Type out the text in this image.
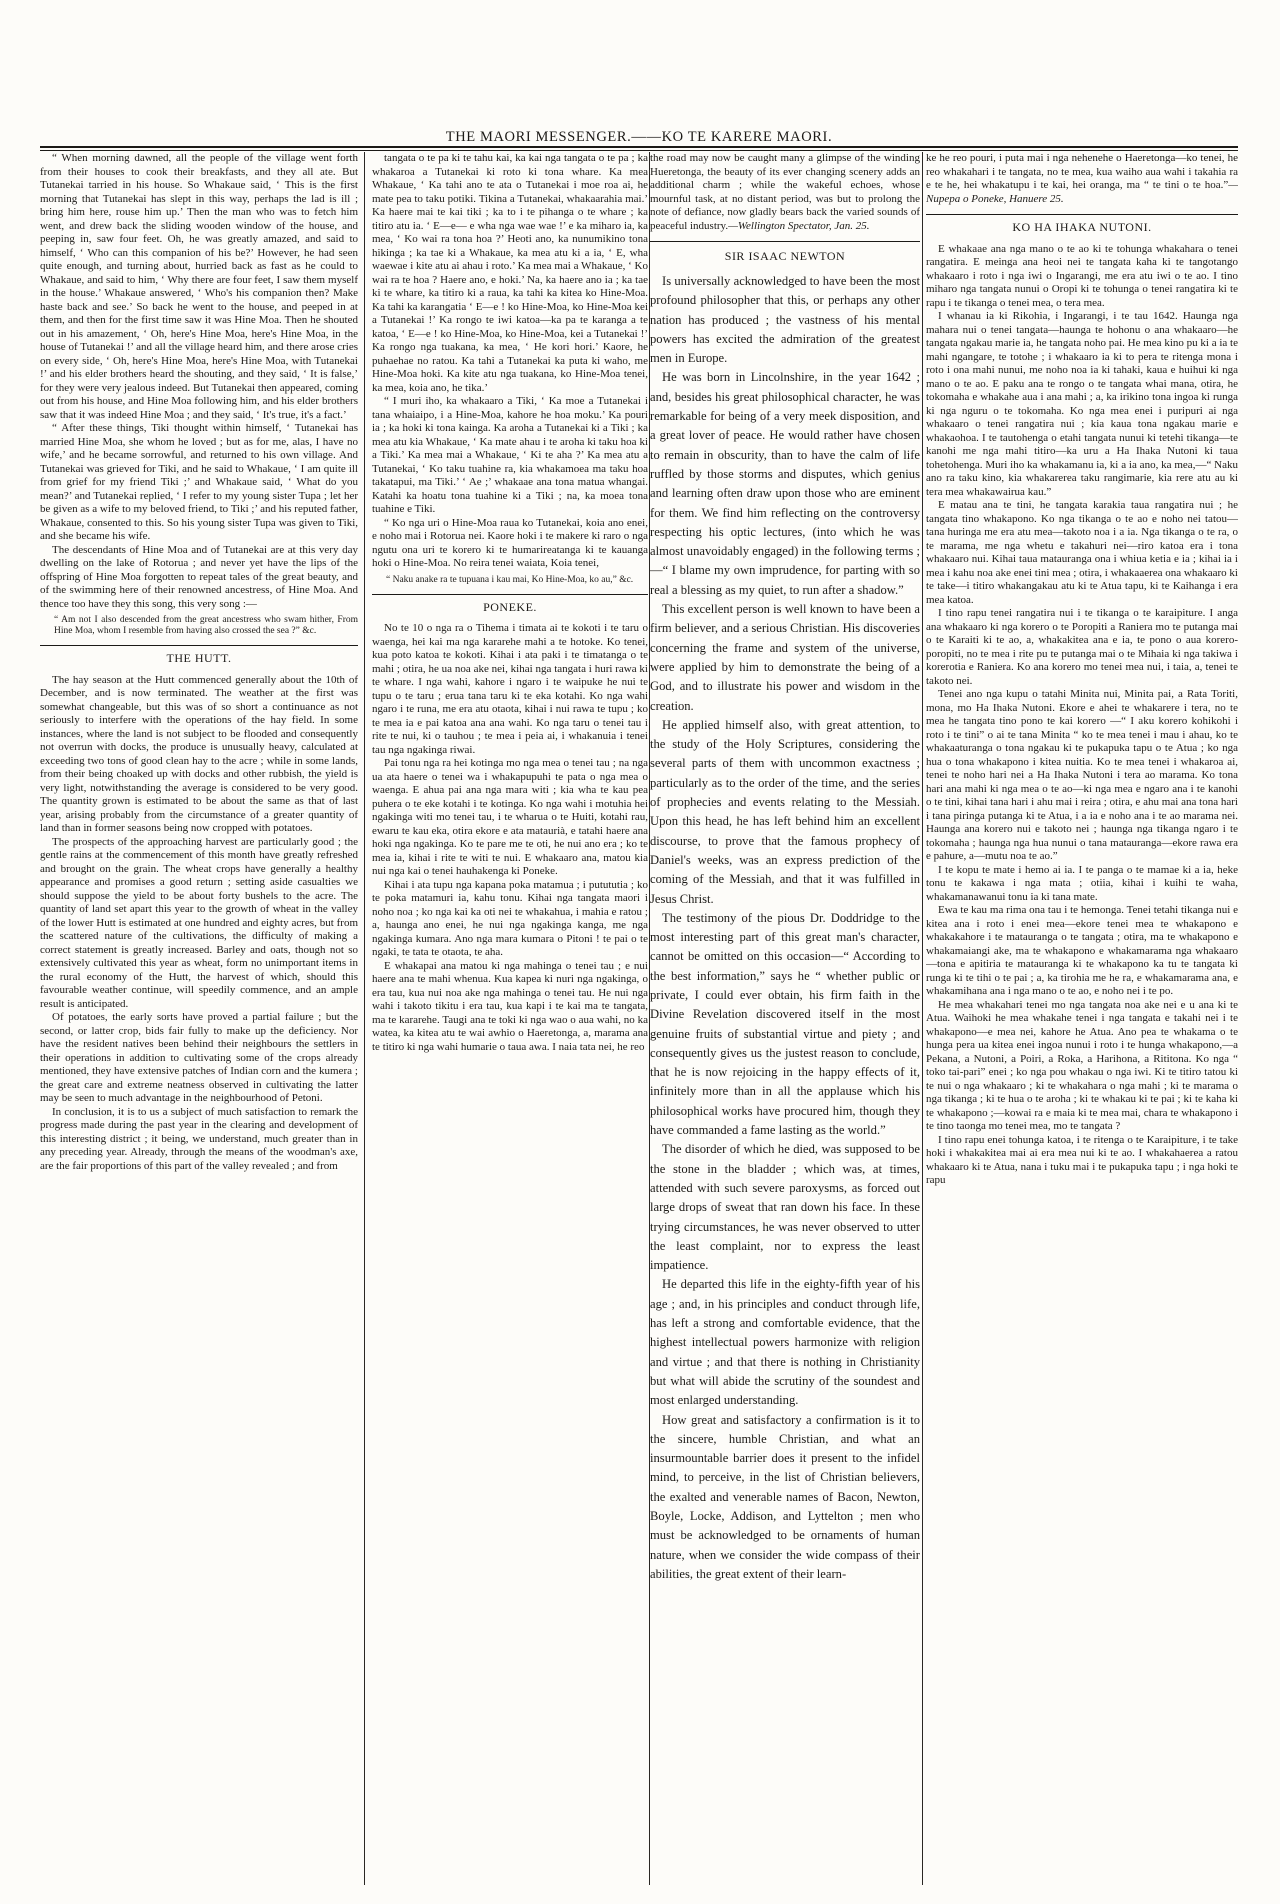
THE MAORI MESSENGER.——KO TE KARERE MAORI.

“ When morning dawned, all the people of the village went forth from their houses to cook their breakfasts, and they all ate. But Tutanekai tarried in his house. So Whakaue said, ‘ This is the first morning that Tutanekai has slept in this way, perhaps the lad is ill ; bring him here, rouse him up.’ Then the man who was to fetch him went, and drew back the sliding wooden window of the house, and peeping in, saw four feet. Oh, he was greatly amazed, and said to himself, ‘ Who can this companion of his be?’ However, he had seen quite enough, and turning about, hurried back as fast as he could to Whakaue, and said to him, ‘ Why there are four feet, I saw them myself in the house.’ Whakaue answered, ‘ Who's his companion then? Make haste back and see.’ So back he went to the house, and peeped in at them, and then for the first time saw it was Hine Moa. Then he shouted out in his amazement, ‘ Oh, here's Hine Moa, here's Hine Moa, in the house of Tutanekai !’ and all the village heard him, and there arose cries on every side, ‘ Oh, here's Hine Moa, here's Hine Moa, with Tutanekai !’ and his elder brothers heard the shouting, and they said, ‘ It is false,’ for they were very jealous indeed. But Tutanekai then appeared, coming out from his house, and Hine Moa following him, and his elder brothers saw that it was indeed Hine Moa ; and they said, ‘ It's true, it's a fact.’

“ After these things, Tiki thought within himself, ‘ Tutanekai has married Hine Moa, she whom he loved ; but as for me, alas, I have no wife,’ and he became sorrowful, and returned to his own village. And Tutanekai was grieved for Tiki, and he said to Whakaue, ‘ I am quite ill from grief for my friend Tiki ;’ and Whakaue said, ‘ What do you mean?’ and Tutanekai replied, ‘ I refer to my young sister Tupa ; let her be given as a wife to my beloved friend, to Tiki ;’ and his reputed father, Whakaue, consented to this. So his young sister Tupa was given to Tiki, and she became his wife.

The descendants of Hine Moa and of Tutanekai are at this very day dwelling on the lake of Rotorua ; and never yet have the lips of the offspring of Hine Moa forgotten to repeat tales of the great beauty, and of the swimming here of their renowned ancestress, of Hine Moa. And thence too have they this song, this very song :—

“ Am not I also descended from the great ancestress who swam hither, From Hine Moa, whom I resemble from having also crossed the sea ?” &c.

THE HUTT.

The hay season at the Hutt commenced generally about the 10th of December, and is now terminated. The weather at the first was somewhat changeable, but this was of so short a continuance as not seriously to interfere with the operations of the hay field. In some instances, where the land is not subject to be flooded and consequently not overrun with docks, the produce is unusually heavy, calculated at exceeding two tons of good clean hay to the acre ; while in some lands, from their being choaked up with docks and other rubbish, the yield is very light, notwithstanding the average is considered to be very good. The quantity grown is estimated to be about the same as that of last year, arising probably from the circumstance of a greater quantity of land than in former seasons being now cropped with potatoes.

The prospects of the approaching harvest are particularly good ; the gentle rains at the commencement of this month have greatly refreshed and brought on the grain. The wheat crops have generally a healthy appearance and promises a good return ; setting aside casualties we should suppose the yield to be about forty bushels to the acre. The quantity of land set apart this year to the growth of wheat in the valley of the lower Hutt is estimated at one hundred and eighty acres, but from the scattered nature of the cultivations, the difficulty of making a correct statement is greatly increased. Barley and oats, though not so extensively cultivated this year as wheat, form no unimportant items in the rural economy of the Hutt, the harvest of which, should this favourable weather continue, will speedily commence, and an ample result is anticipated.

Of potatoes, the early sorts have proved a partial failure ; but the second, or latter crop, bids fair fully to make up the deficiency. Nor have the resident natives been behind their neighbours the settlers in their operations in addition to cultivating some of the crops already mentioned, they have extensive patches of Indian corn and the kumera ; the great care and extreme neatness observed in cultivating the latter may be seen to much advantage in the neighbourhood of Petoni.

In conclusion, it is to us a subject of much satisfaction to remark the progress made during the past year in the clearing and development of this interesting district ; it being, we understand, much greater than in any preceding year. Already, through the means of the woodman's axe, are the fair proportions of this part of the valley revealed ; and from

tangata o te pa ki te tahu kai, ka kai nga tangata o te pa ; ka whakaroa a Tutanekai ki roto ki tona whare. Ka mea Whakaue, ‘ Ka tahi ano te ata o Tutanekai i moe roa ai, he mate pea to taku potiki. Tikina a Tutanekai, whakaarahia mai.’ Ka haere mai te kai tiki ; ka to i te pihanga o te whare ; ka titiro atu ia. ‘ E—e— e wha nga wae wae !’ e ka miharo ia, ka mea, ‘ Ko wai ra tona hoa ?’ Heoti ano, ka nunumikino tona hikinga ; ka tae ki a Whakaue, ka mea atu ki a ia, ‘ E, wha waewae i kite atu ai ahau i roto.’ Ka mea mai a Whakaue, ‘ Ko wai ra te hoa ? Haere ano, e hoki.’ Na, ka haere ano ia ; ka tae ki te whare, ka titiro ki a raua, ka tahi ka kitea ko Hine-Moa. Ka tahi ka karangatia ‘ E—e ! ko Hine-Moa, ko Hine-Moa kei a Tutanekai !’ Ka rongo te iwi katoa—ka pa te karanga a te katoa, ‘ E—e ! ko Hine-Moa, ko Hine-Moa, kei a Tutanekai !’ Ka rongo nga tuakana, ka mea, ‘ He kori hori.’ Kaore, he puhaehae no ratou. Ka tahi a Tutanekai ka puta ki waho, me Hine-Moa hoki. Ka kite atu nga tuakana, ko Hine-Moa tenei, ka mea, koia ano, he tika.’

“ I muri iho, ka whakaaro a Tiki, ‘ Ka moe a Tutanekai i tana whaiaipo, i a Hine-Moa, kahore he hoa moku.’ Ka pouri ia ; ka hoki ki tona kainga. Ka aroha a Tutanekai ki a Tiki ; ka mea atu kia Whakaue, ‘ Ka mate ahau i te aroha ki taku hoa ki a Tiki.’ Ka mea mai a Whakaue, ‘ Ki te aha ?’ Ka mea atu a Tutanekai, ‘ Ko taku tuahine ra, kia whakamoea ma taku hoa takatapui, ma Tiki.’ ‘ Ae ;’ whakaae ana tona matua whangai. Katahi ka hoatu tona tuahine ki a Tiki ; na, ka moea tona tuahine e Tiki.

“ Ko nga uri o Hine-Moa raua ko Tutanekai, koia ano enei, e noho mai i Rotorua nei. Kaore hoki i te makere ki raro o nga ngutu ona uri te korero ki te humarireatanga ki te kauanga hoki o Hine-Moa. No reira tenei waiata, Koia tenei,

“ Naku anake ra te tupuana i kau mai, Ko Hine-Moa, ko au,” &c.

PONEKE.

No te 10 o nga ra o Tihema i timata ai te kokoti i te taru o waenga, hei kai ma nga kararehe mahi a te hotoke. Ko tenei, kua poto katoa te kokoti. Kihai i ata paki i te timatanga o te mahi ; otira, he ua noa ake nei, kihai nga tangata i huri rawa ki te whare. I nga wahi, kahore i ngaro i te waipuke he nui te tupu o te taru ; erua tana taru ki te eka kotahi. Ko nga wahi ngaro i te runa, me era atu otaota, kihai i nui rawa te tupu ; ko te mea ia e pai katoa ana ana wahi. Ko nga taru o tenei tau i rite te nui, ki o tauhou ; te mea i peia ai, i whakanuia i tenei tau nga ngakinga riwai.

Pai tonu nga ra hei kotinga mo nga mea o tenei tau ; na nga ua ata haere o tenei wa i whakapupuhi te pata o nga mea o waenga. E ahua pai ana nga mara witi ; kia wha te kau pea puhera o te eke kotahi i te kotinga. Ko nga wahi i motuhia hei ngakinga witi mo tenei tau, i te wharua o te Huiti, kotahi rau, ewaru te kau eka, otira ekore e ata mataurià, e tatahi haere ana hoki nga ngakinga. Ko te pare me te oti, he nui ano era ; ko te mea ia, kihai i rite te witi te nui. E whakaaro ana, matou kia nui nga kai o tenei hauhakenga ki Poneke.

Kihai i ata tupu nga kapana poka matamua ; i putututia ; ko te poka matamuri ia, kahu tonu. Kihai nga tangata maori i noho noa ; ko nga kai ka oti nei te whakahua, i mahia e ratou ; a, haunga ano enei, he nui nga ngakinga kanga, me nga ngakinga kumara. Ano nga mara kumara o Pitoni ! te pai o te ngaki, te tata te otaota, te aha.

E whakapai ana matou ki nga mahinga o tenei tau ; e nui haere ana te mahi whenua. Kua kapea ki nuri nga ngakinga, o era tau, kua nui noa ake nga mahinga o tenei tau. He nui nga wahi i takoto tikitu i era tau, kua kapi i te kai ma te tangata, ma te kararehe. Taugi ana te toki ki nga wao o aua wahi, no ka watea, ka kitea atu te wai awhio o Haeretonga, a, marama ana te titiro ki nga wahi humarie o taua awa. I naia tata nei, he reo

the road may now be caught many a glimpse of the winding Hueretonga, the beauty of its ever changing scenery adds an additional charm ; while the wakeful echoes, whose mournful task, at no distant period, was but to prolong the note of defiance, now gladly bears back the varied sounds of peaceful industry.—Wellington Spectator, Jan. 25.

SIR ISAAC NEWTON

Is universally acknowledged to have been the most profound philosopher that this, or perhaps any other nation has produced ; the vastness of his mental powers has excited the admiration of the greatest men in Europe.

He was born in Lincolnshire, in the year 1642 ; and, besides his great philosophical character, he was remarkable for being of a very meek disposition, and a great lover of peace. He would rather have chosen to remain in obscurity, than to have the calm of life ruffled by those storms and disputes, which genius and learning often draw upon those who are eminent for them. We find him reflecting on the controversy respecting his optic lectures, (into which he was almost unavoidably engaged) in the following terms ;—“ I blame my own imprudence, for parting with so real a blessing as my quiet, to run after a shadow.”

This excellent person is well known to have been a firm believer, and a serious Christian. His discoveries concerning the frame and system of the universe, were applied by him to demonstrate the being of a God, and to illustrate his power and wisdom in the creation.

He applied himself also, with great attention, to the study of the Holy Scriptures, considering the several parts of them with uncommon exactness ; particularly as to the order of the time, and the series of prophecies and events relating to the Messiah. Upon this head, he has left behind him an excellent discourse, to prove that the famous prophecy of Daniel's weeks, was an express prediction of the coming of the Messiah, and that it was fulfilled in Jesus Christ.

The testimony of the pious Dr. Doddridge to the most interesting part of this great man's character, cannot be omitted on this occasion—“ According to the best information,” says he “ whether public or private, I could ever obtain, his firm faith in the Divine Revelation discovered itself in the most genuine fruits of substantial virtue and piety ; and consequently gives us the justest reason to conclude, that he is now rejoicing in the happy effects of it, infinitely more than in all the applause which his philosophical works have procured him, though they have commanded a fame lasting as the world.”

The disorder of which he died, was supposed to be the stone in the bladder ; which was, at times, attended with such severe paroxysms, as forced out large drops of sweat that ran down his face. In these trying circumstances, he was never observed to utter the least complaint, nor to express the least impatience.

He departed this life in the eighty-fifth year of his age ; and, in his principles and conduct through life, has left a strong and comfortable evidence, that the highest intellectual powers harmonize with religion and virtue ; and that there is nothing in Christianity but what will abide the scrutiny of the soundest and most enlarged understanding.

How great and satisfactory a confirmation is it to the sincere, humble Christian, and what an insurmountable barrier does it present to the infidel mind, to perceive, in the list of Christian believers, the exalted and venerable names of Bacon, Newton, Boyle, Locke, Addison, and Lyttelton ; men who must be acknowledged to be ornaments of human nature, when we consider the wide compass of their abilities, the great extent of their learn-

ke he reo pouri, i puta mai i nga nehenehe o Haeretonga—ko tenei, he reo whakahari i te tangata, no te mea, kua waiho aua wahi i takahia ra e te he, hei whakatupu i te kai, hei oranga, ma “ te tini o te hoa.”—Nupepa o Poneke, Hanuere 25.

KO HA IHAKA NUTONI.

E whakaae ana nga mano o te ao ki te tohunga whakahara o tenei rangatira. E meinga ana heoi nei te tangata kaha ki te tangotango whakaaro i roto i nga iwi o Ingarangi, me era atu iwi o te ao. I tino miharo nga tangata nunui o Oropi ki te tohunga o tenei rangatira ki te rapu i te tikanga o tenei mea, o tera mea.

I whanau ia ki Rikohia, i Ingarangi, i te tau 1642. Haunga nga mahara nui o tenei tangata—haunga te hohonu o ana whakaaro—he tangata ngakau marie ia, he tangata noho pai. He mea kino pu ki a ia te mahi ngangare, te totohe ; i whakaaro ia ki to pera te ritenga mona i roto i ona mahi nunui, me noho noa ia ki tahaki, kaua e huihui ki nga mano o te ao. E paku ana te rongo o te tangata whai mana, otira, he tokomaha e whakahe aua i ana mahi ; a, ka irikino tona ingoa ki runga ki nga nguru o te tokomaha. Ko nga mea enei i puripuri ai nga whakaaro o tenei rangatira nui ; kia kaua tona ngakau marie e whakaohoa. I te tautohenga o etahi tangata nunui ki tetehi tikanga—te kanohi me nga mahi titiro—ka uru a Ha Ihaka Nutoni ki taua tohetohenga. Muri iho ka whakamanu ia, ki a ia ano, ka mea,—“ Naku ano ra taku kino, kia whakarerea taku rangimarie, kia rere atu au ki tera mea whakawairua kau.”

E matau ana te tini, he tangata karakia taua rangatira nui ; he tangata tino whakapono. Ko nga tikanga o te ao e noho nei tatou—tana huringa me era atu mea—takoto noa i a ia. Nga tikanga o te ra, o te marama, me nga whetu e takahuri nei—riro katoa era i tona whakaaro nui. Kihai taua matauranga ona i whiua ketia e ia ; kihai ia i mea i kahu noa ake enei tini mea ; otira, i whakaaerea ona whakaaro ki te take—i titiro whakangakau atu ki te Atua tapu, ki te Kaihanga i era mea katoa.

I tino rapu tenei rangatira nui i te tikanga o te karaipiture. I anga ana whakaaro ki nga korero o te Poropiti a Raniera mo te putanga mai o te Karaiti ki te ao, a, whakakitea ana e ia, te pono o aua korero-poropiti, no te mea i rite pu te putanga mai o te Mihaia ki nga takiwa i korerotia e Raniera. Ko ana korero mo tenei mea nui, i taia, a, tenei te takoto nei.

Tenei ano nga kupu o tatahi Minita nui, Minita pai, a Rata Toriti, mona, mo Ha Ihaka Nutoni. Ekore e ahei te whakarere i tera, no te mea he tangata tino pono te kai korero —“ I aku korero kohikohi i roto i te tini” o ai te tana Minita “ ko te mea tenei i mau i ahau, ko te whakaaturanga o tona ngakau ki te pukapuka tapu o te Atua ; ko nga hua o tona whakapono i kitea nuitia. Ko te mea tenei i whakaroa ai, tenei te noho hari nei a Ha Ihaka Nutoni i tera ao marama. Ko tona hari ana mahi ki nga mea o te ao—ki nga mea e ngaro ana i te kanohi o te tini, kihai tana hari i ahu mai i reira ; otira, e ahu mai ana tona hari i tana piringa putanga ki te Atua, i a ia e noho ana i te ao marama nei. Haunga ana korero nui e takoto nei ; haunga nga tikanga ngaro i te tokomaha ; haunga nga hua nunui o tana matauranga—ekore rawa era e pahure, a—mutu noa te ao.”

I te kopu te mate i hemo ai ia. I te panga o te mamae ki a ia, heke tonu te kakawa i nga mata ; otiia, kihai i kuihi te waha, whakamanawanui tonu ia ki tana mate.

Ewa te kau ma rima ona tau i te hemonga. Tenei tetahi tikanga nui e kitea ana i roto i enei mea—ekore tenei mea te whakapono e whakakahore i te matauranga o te tangata ; otira, ma te whakapono e whakamaiangi ake, ma te whakapono e whakamarama nga whakaaro—tona e apitiria te matauranga ki te whakapono ka tu te tangata ki runga ki te tihi o te pai ; a, ka tirohia me he ra, e whakamarama ana, e whakamihana ana i nga mano o te ao, e noho nei i te po.

He mea whakahari tenei mo nga tangata noa ake nei e u ana ki te Atua. Waihoki he mea whakahe tenei i nga tangata e takahi nei i te whakapono—e mea nei, kahore he Atua. Ano pea te whakama o te hunga pera ua kitea enei ingoa nunui i roto i te hunga whakapono,—a Pekana, a Nutoni, a Poiri, a Roka, a Harihona, a Rititona. Ko nga “ toko tai-pari” enei ; ko nga pou whakau o nga iwi. Ki te titiro tatou ki te nui o nga whakaaro ; ki te whakahara o nga mahi ; ki te marama o nga tikanga ; ki te hua o te aroha ; ki te whakau ki te pai ; ki te kaha ki te whakapono ;—kowai ra e maia ki te mea mai, chara te whakapono i te tino taonga mo tenei mea, mo te tangata ?

I tino rapu enei tohunga katoa, i te ritenga o te Karaipiture, i te take hoki i whakakitea mai ai era mea nui ki te ao. I whakahaerea a ratou whakaaro ki te Atua, nana i tuku mai i te pukapuka tapu ; i nga hoki te rapu
